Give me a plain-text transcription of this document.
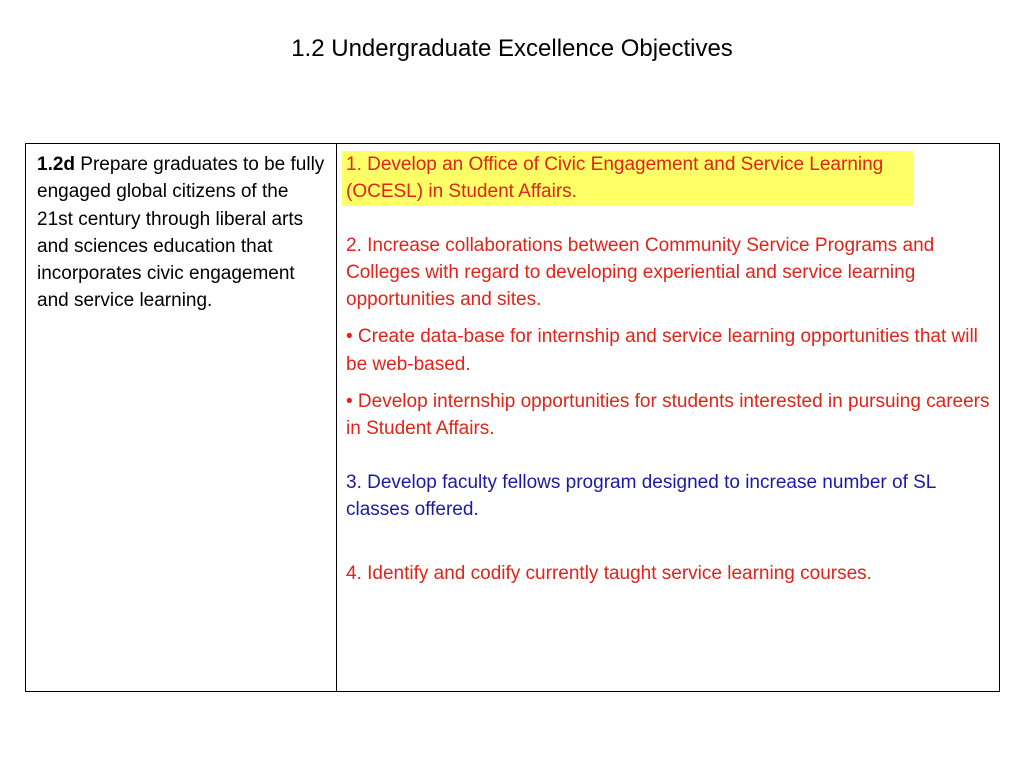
1.2 Undergraduate Excellence Objectives
1.2d Prepare graduates to be fully engaged global citizens of the 21st century through liberal arts and sciences education that incorporates civic engagement and service learning.

1. Develop an Office of Civic Engagement and Service Learning (OCESL) in Student Affairs.

2. Increase collaborations between Community Service Programs and Colleges with regard to developing experiential and service learning opportunities and sites.

• Create data-base for internship and service learning opportunities that will be web-based.

• Develop internship opportunities for students interested in pursuing careers in Student Affairs.

3. Develop faculty fellows program designed to increase number of SL classes offered.

4. Identify and codify currently taught service learning courses.
